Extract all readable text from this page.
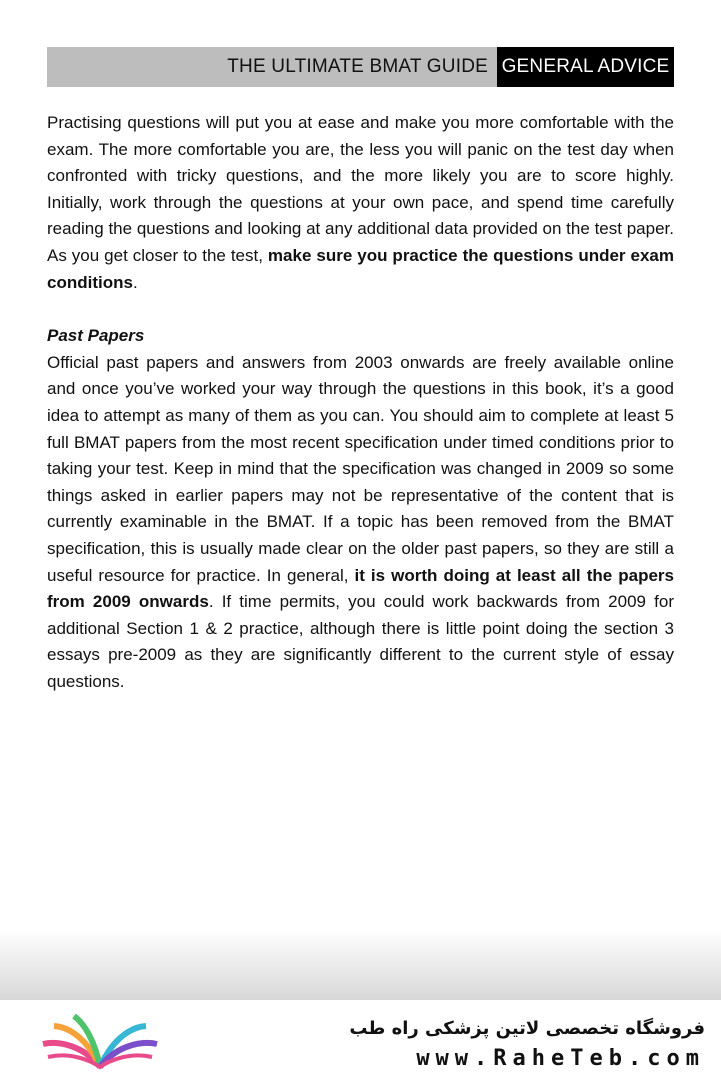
THE ULTIMATE BMAT GUIDE GENERAL ADVICE

Practising questions will put you at ease and make you more comfortable with the exam. The more comfortable you are, the less you will panic on the test day when confronted with tricky questions, and the more likely you are to score highly. Initially, work through the questions at your own pace, and spend time carefully reading the questions and looking at any additional data provided on the test paper. As you get closer to the test, make sure you practice the questions under exam conditions.

Past Papers

Official past papers and answers from 2003 onwards are freely available online and once you’ve worked your way through the questions in this book, it’s a good idea to attempt as many of them as you can. You should aim to complete at least 5 full BMAT papers from the most recent specification under timed conditions prior to taking your test. Keep in mind that the specification was changed in 2009 so some things asked in earlier papers may not be representative of the content that is currently examinable in the BMAT. If a topic has been removed from the BMAT specification, this is usually made clear on the older past papers, so they are still a useful resource for practice. In general, it is worth doing at least all the papers from 2009 onwards. If time permits, you could work backwards from 2009 for additional Section 1 & 2 practice, although there is little point doing the section 3 essays pre-2009 as they are significantly different to the current style of essay questions.

فروشگاه تخصصی لاتین پزشکی راه طب
www.RaheTeb.com
